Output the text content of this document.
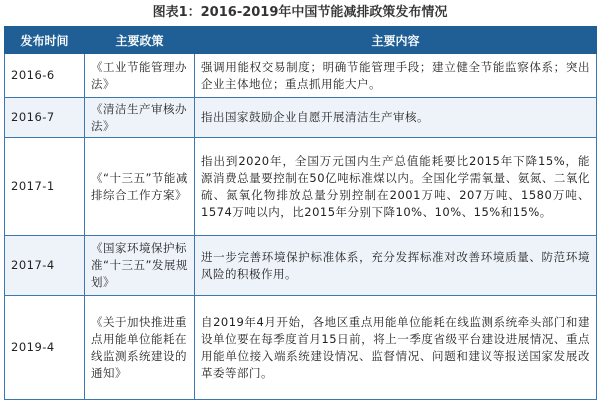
图表1：2016-2019年中国节能减排政策发布情况
发布时间	主要政策	主要内容
2016-6	《工业节能管理办法》	强调用能权交易制度；明确节能管理手段；建立健全节能监察体系；突出企业主体地位；重点抓用能大户。
2016-7	《清洁生产审核办法》	指出国家鼓励企业自愿开展清洁生产审核。
2017-1	《“十三五”节能减排综合工作方案》	指出到2020年，全国万元国内生产总值能耗要比2015年下降15%，能源消费总量要控制在50亿吨标准煤以内。全国化学需氧量、氨氮、二氧化硫、氮氧化物排放总量分别控制在2001万吨、207万吨、1580万吨、1574万吨以内，比2015年分别下降10%、10%、15%和15%。
2017-4	《国家环境保护标准“十三五”发展规划》	进一步完善环境保护标准体系，充分发挥标准对改善环境质量、防范环境风险的积极作用。
2019-4	《关于加快推进重点用能单位能耗在线监测系统建设的通知》	自2019年4月开始，各地区重点用能单位能耗在线监测系统牵头部门和建设单位要在每季度首月15日前，将上一季度省级平台建设进展情况、重点用能单位接入端系统建设情况、监督情况、问题和建议等报送国家发展改革委等部门。
